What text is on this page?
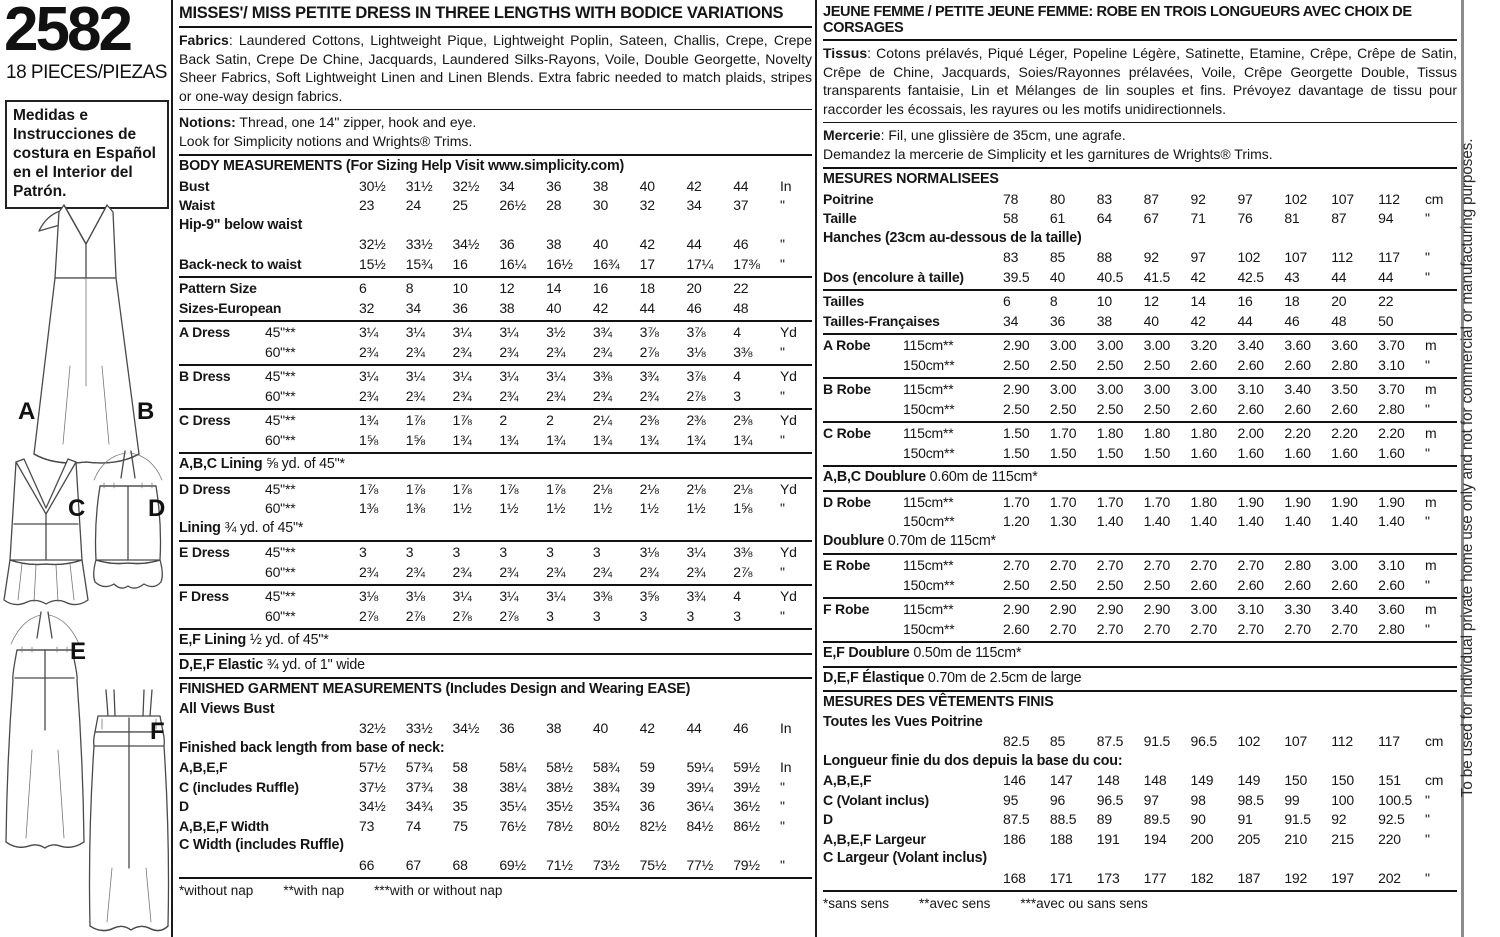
2582
18 PIECES/PIEZAS
Medidas e Instrucciones de costura en Español en el Interior del Patrón.
A	B
C	D
E
F
MISSES'/ MISS PETITE DRESS IN THREE LENGTHS WITH BODICE VARIATIONS
Fabrics: Laundered Cottons, Lightweight Pique, Lightweight Poplin, Sateen, Challis, Crepe, Crepe Back Satin, Crepe De Chine, Jacquards, Laundered Silks-Rayons, Voile, Double Georgette, Novelty Sheer Fabrics, Soft Lightweight Linen and Linen Blends. Extra fabric needed to match plaids, stripes or one-way design fabrics.
Notions: Thread, one 14" zipper, hook and eye.
Look for Simplicity notions and Wrights® Trims.
BODY MEASUREMENTS (For Sizing Help Visit www.simplicity.com)
Bust	30½	31½	32½	34	36	38	40	42	44	In
Waist	23	24	25	26½	28	30	32	34	37	"
Hip-9" below waist
32½	33½	34½	36	38	40	42	44	46	"
Back-neck to waist	15½	15¾	16	16¼	16½	16¾	17	17¼	17⅜	"
Pattern Size	6	8	10	12	14	16	18	20	22
Sizes-European	32	34	36	38	40	42	44	46	48
A Dress	45"**	3¼	3¼	3¼	3¼	3½	3¾	3⅞	3⅞	4	Yd
60"**	2¾	2¾	2¾	2¾	2¾	2¾	2⅞	3⅛	3⅜	"
B Dress	45"**	3¼	3¼	3¼	3¼	3¼	3⅜	3¾	3⅞	4	Yd
60"**	2¾	2¾	2¾	2¾	2¾	2¾	2¾	2⅞	3	"
C Dress	45"**	1¾	1⅞	1⅞	2	2	2¼	2⅜	2⅜	2⅜	Yd
60"**	1⅝	1⅝	1¾	1¾	1¾	1¾	1¾	1¾	1¾	"
A,B,C Lining ⅝ yd. of 45"*
D Dress	45"**	1⅞	1⅞	1⅞	1⅞	1⅞	2⅛	2⅛	2⅛	2⅛	Yd
60"**	1⅜	1⅜	1½	1½	1½	1½	1½	1½	1⅝	"
Lining ¾ yd. of 45"*
E Dress	45"**	3	3	3	3	3	3	3⅛	3¼	3⅜	Yd
60"**	2¾	2¾	2¾	2¾	2¾	2¾	2¾	2¾	2⅞	"
F Dress	45"**	3⅛	3⅛	3¼	3¼	3¼	3⅜	3⅝	3¾	4	Yd
60"**	2⅞	2⅞	2⅞	2⅞	3	3	3	3	3	"
E,F Lining ½ yd. of 45"*
D,E,F Elastic ¾ yd. of 1" wide
FINISHED GARMENT MEASUREMENTS (Includes Design and Wearing EASE)
All Views Bust
32½	33½	34½	36	38	40	42	44	46	In
Finished back length from base of neck:
A,B,E,F	57½	57¾	58	58¼	58½	58¾	59	59¼	59½	In
C (includes Ruffle)	37½	37¾	38	38¼	38½	38¾	39	39¼	39½	"
D	34½	34¾	35	35¼	35½	35¾	36	36¼	36½	"
A,B,E,F Width	73	74	75	76½	78½	80½	82½	84½	86½	"
C Width (includes Ruffle)
66	67	68	69½	71½	73½	75½	77½	79½	"
*without nap **with nap ***with or without nap
JEUNE FEMME / PETITE JEUNE FEMME: ROBE EN TROIS LONGUEURS AVEC CHOIX DE CORSAGES
Tissus: Cotons prélavés, Piqué Léger, Popeline Légère, Satinette, Etamine, Crêpe, Crêpe de Satin, Crêpe de Chine, Jacquards, Soies/Rayonnes prélavées, Voile, Crêpe Georgette Double, Tissus transparents fantaisie, Lin et Mélanges de lin souples et fins. Prévoyez davantage de tissu pour raccorder les écossais, les rayures ou les motifs unidirectionnels.
Mercerie: Fil, une glissière de 35cm, une agrafe.
Demandez la mercerie de Simplicity et les garnitures de Wrights® Trims.
MESURES NORMALISEES
Poitrine	78	80	83	87	92	97	102	107	112	cm
Taille	58	61	64	67	71	76	81	87	94	"
Hanches (23cm au-dessous de la taille)
83	85	88	92	97	102	107	112	117	"
Dos (encolure à taille)	39.5	40	40.5	41.5	42	42.5	43	44	44	"
Tailles	6	8	10	12	14	16	18	20	22
Tailles-Françaises	34	36	38	40	42	44	46	48	50
A Robe	115cm**	2.90	3.00	3.00	3.00	3.20	3.40	3.60	3.60	3.70	m
150cm**	2.50	2.50	2.50	2.50	2.60	2.60	2.60	2.80	3.10	"
B Robe	115cm**	2.90	3.00	3.00	3.00	3.00	3.10	3.40	3.50	3.70	m
150cm**	2.50	2.50	2.50	2.50	2.60	2.60	2.60	2.60	2.80	"
C Robe	115cm**	1.50	1.70	1.80	1.80	1.80	2.00	2.20	2.20	2.20	m
150cm**	1.50	1.50	1.50	1.50	1.60	1.60	1.60	1.60	1.60	"
A,B,C Doublure 0.60m de 115cm*
D Robe	115cm**	1.70	1.70	1.70	1.70	1.80	1.90	1.90	1.90	1.90	m
150cm**	1.20	1.30	1.40	1.40	1.40	1.40	1.40	1.40	1.40	"
Doublure 0.70m de 115cm*
E Robe	115cm**	2.70	2.70	2.70	2.70	2.70	2.70	2.80	3.00	3.10	m
150cm**	2.50	2.50	2.50	2.50	2.60	2.60	2.60	2.60	2.60	"
F Robe	115cm**	2.90	2.90	2.90	2.90	3.00	3.10	3.30	3.40	3.60	m
150cm**	2.60	2.70	2.70	2.70	2.70	2.70	2.70	2.70	2.80	"
E,F Doublure 0.50m de 115cm*
D,E,F Élastique 0.70m de 2.5cm de large
MESURES DES VÊTEMENTS FINIS
Toutes les Vues Poitrine
82.5	85	87.5	91.5	96.5	102	107	112	117	cm
Longueur finie du dos depuis la base du cou:
A,B,E,F	146	147	148	148	149	149	150	150	151	cm
C (Volant inclus)	95	96	96.5	97	98	98.5	99	100	100.5 "
D	87.5	88.5	89	89.5	90	91	91.5	92	92.5	"
A,B,E,F Largeur	186	188	191	194	200	205	210	215	220	"
C Largeur (Volant inclus)
168	171	173	177	182	187	192	197	202	"
*sans sens **avec sens ***avec ou sans sens
To be used for individual private home use only and not for commercial or manufacturing purposes.
